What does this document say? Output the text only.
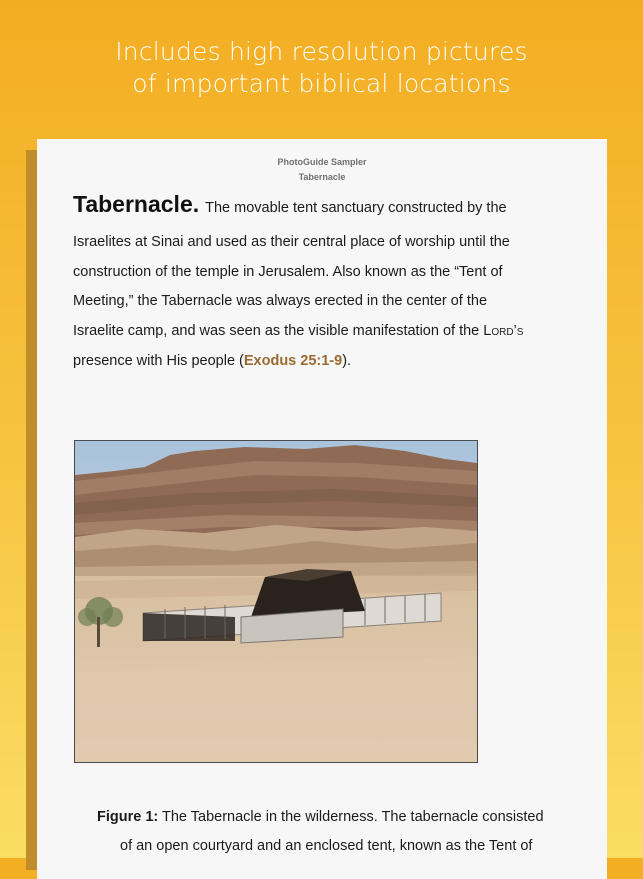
Includes high resolution pictures
of important biblical locations
PhotoGuide Sampler
Tabernacle
Tabernacle. The movable tent sanctuary constructed by the
Israelites at Sinai and used as their central place of worship until the
construction of the temple in Jerusalem. Also known as the “Tent of
Meeting,” the Tabernacle was always erected in the center of the
Israelite camp, and was seen as the visible manifestation of the Lord’s
presence with His people (Exodus 25:1-9).
Figure 1: The Tabernacle in the wilderness. The tabernacle consisted
of an open courtyard and an enclosed tent, known as the Tent of
